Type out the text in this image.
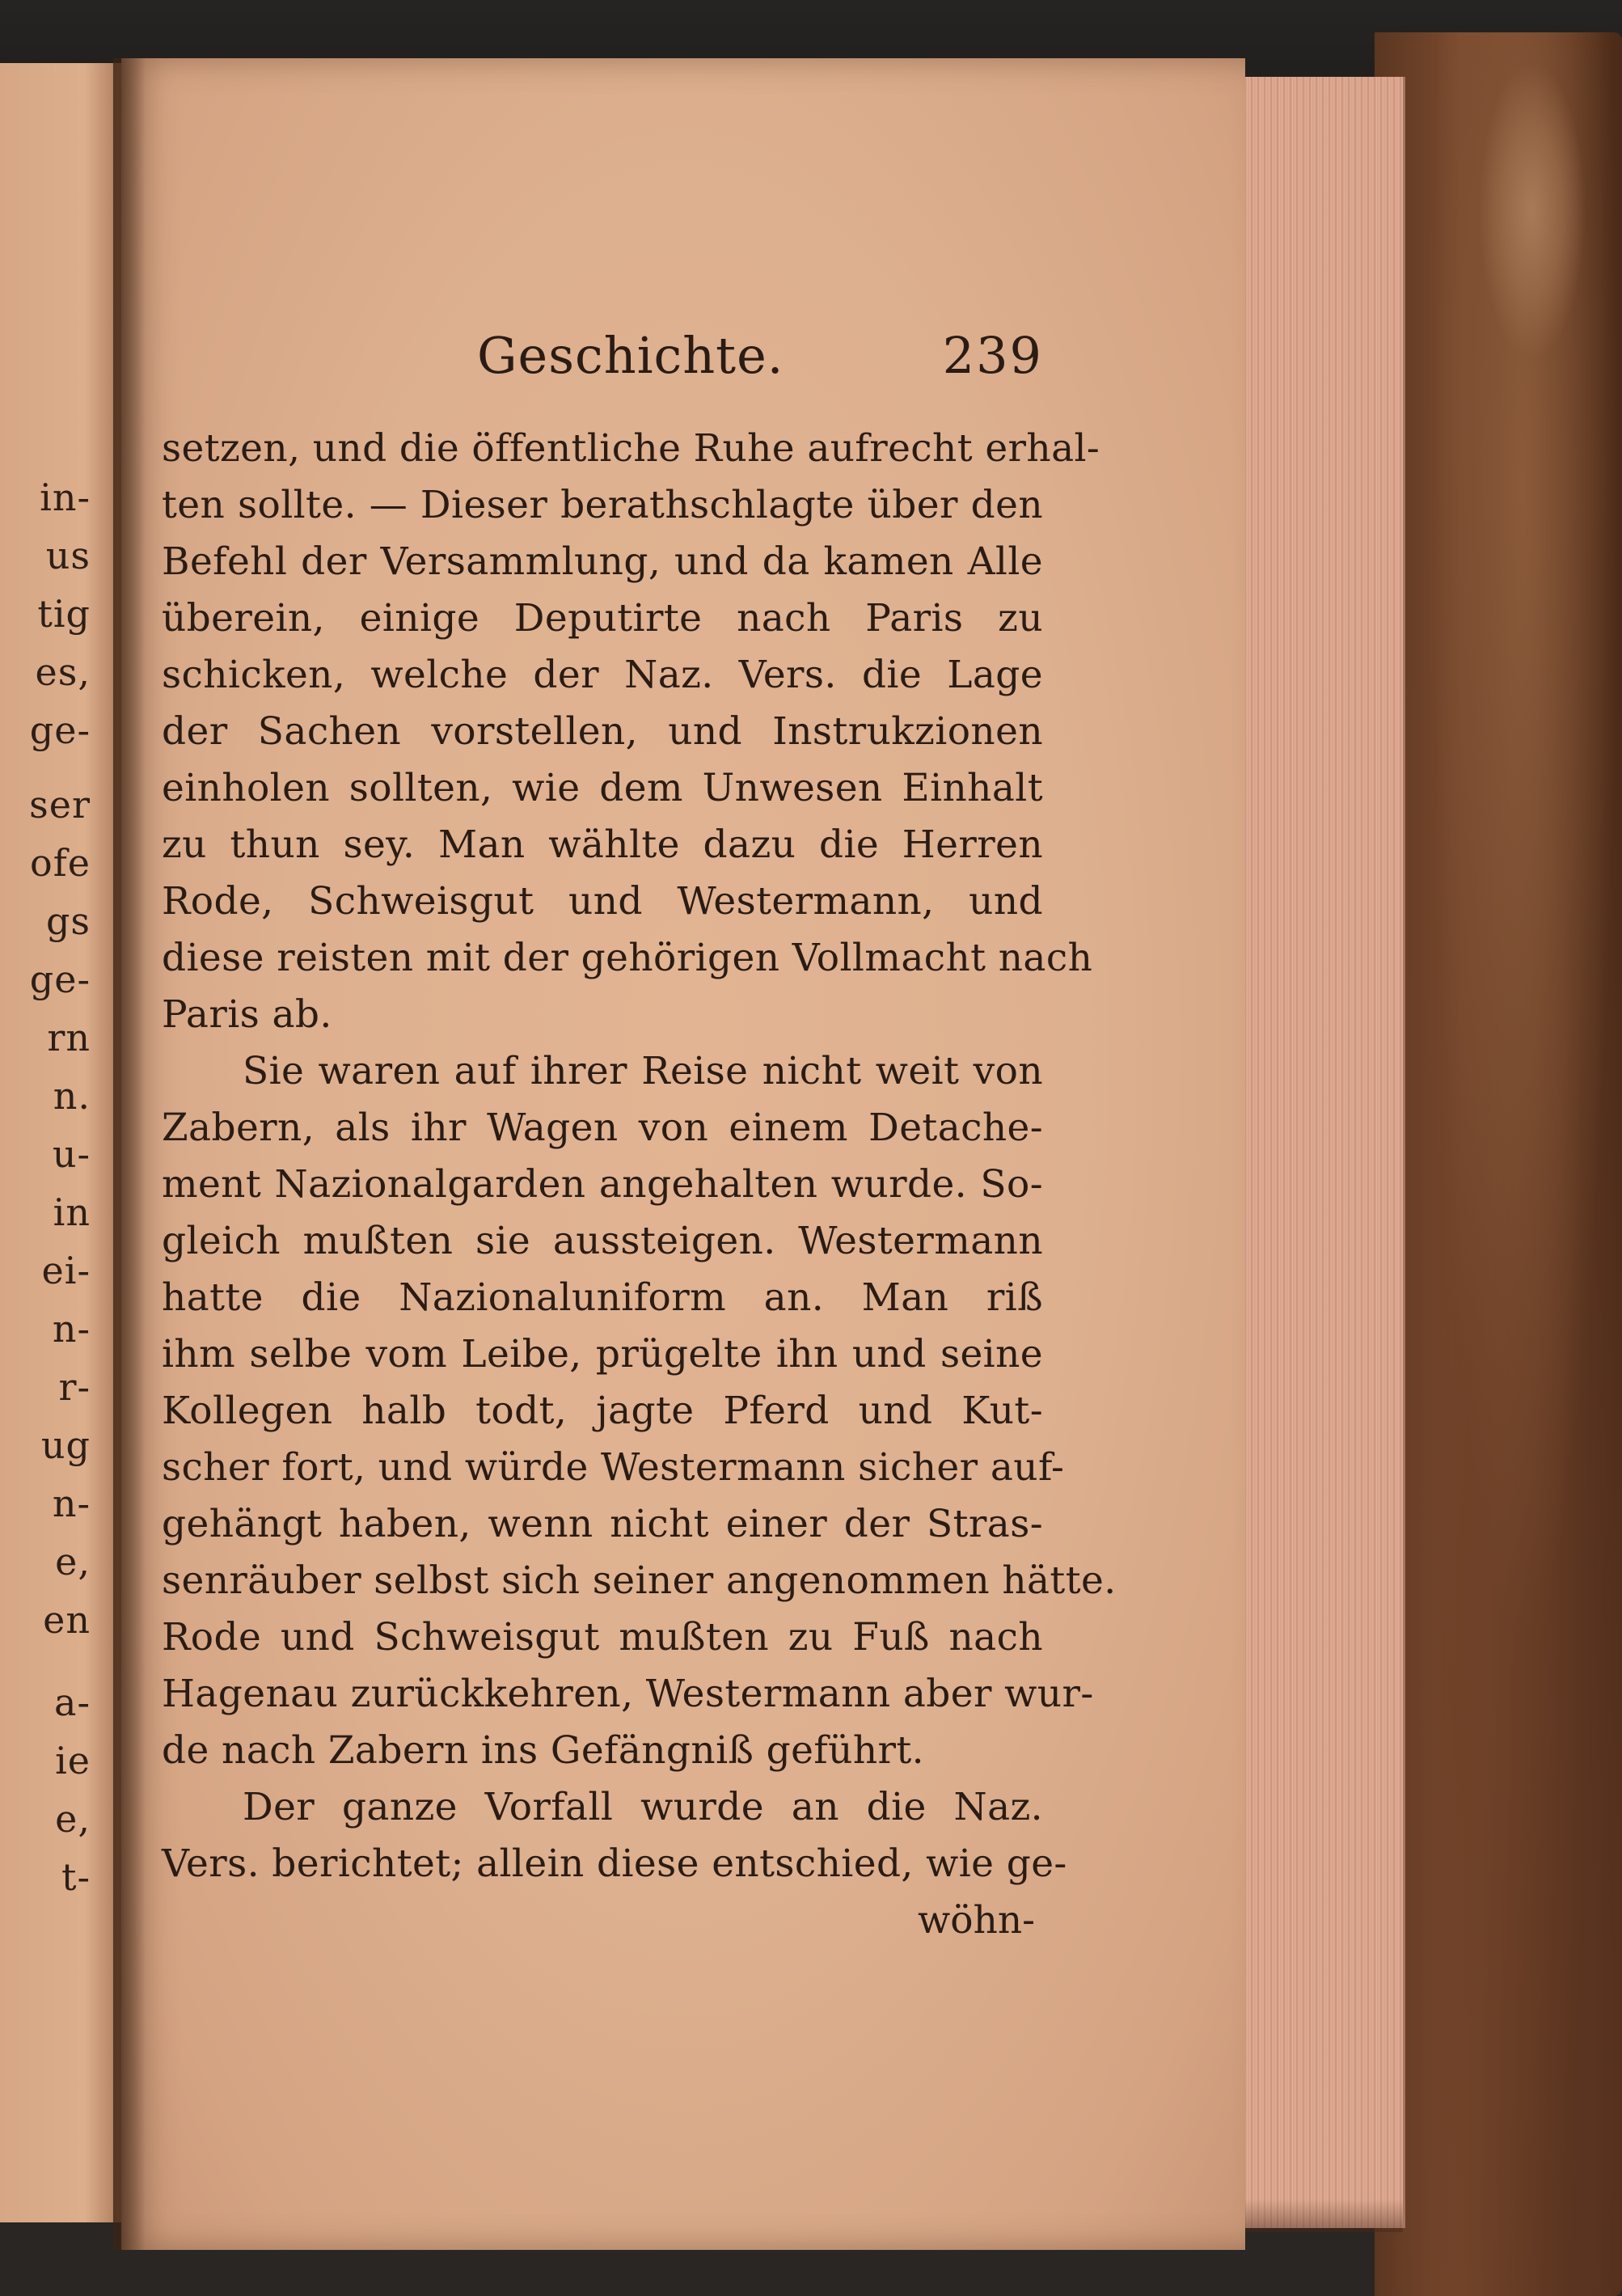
in-
us
tig
es,
ge-
ser
ofe
gs
ge-
rn
n.
u-
in
ei-
n-
r-
ug
n-
e,
en
a-
ie
e,
t-
Geschichte.	239
setzen, und die öffentliche Ruhe aufrecht erhal-
ten sollte. — Dieser berathschlagte über den
Befehl der Versammlung, und da kamen Alle
überein, einige Deputirte nach Paris zu
schicken, welche der Naz. Vers. die Lage
der Sachen vorstellen, und Instrukzionen
einholen sollten, wie dem Unwesen Einhalt
zu thun sey. Man wählte dazu die Herren
Rode, Schweisgut und Westermann, und
diese reisten mit der gehörigen Vollmacht nach
Paris ab.
Sie waren auf ihrer Reise nicht weit von
Zabern, als ihr Wagen von einem Detache-
ment Nazionalgarden angehalten wurde. So-
gleich mußten sie aussteigen. Westermann
hatte die Nazionaluniform an. Man riß
ihm selbe vom Leibe, prügelte ihn und seine
Kollegen halb todt, jagte Pferd und Kut-
scher fort, und würde Westermann sicher auf-
gehängt haben, wenn nicht einer der Stras-
senräuber selbst sich seiner angenommen hätte.
Rode und Schweisgut mußten zu Fuß nach
Hagenau zurückkehren, Westermann aber wur-
de nach Zabern ins Gefängniß geführt.
Der ganze Vorfall wurde an die Naz.
Vers. berichtet; allein diese entschied, wie ge-
wöhn-
